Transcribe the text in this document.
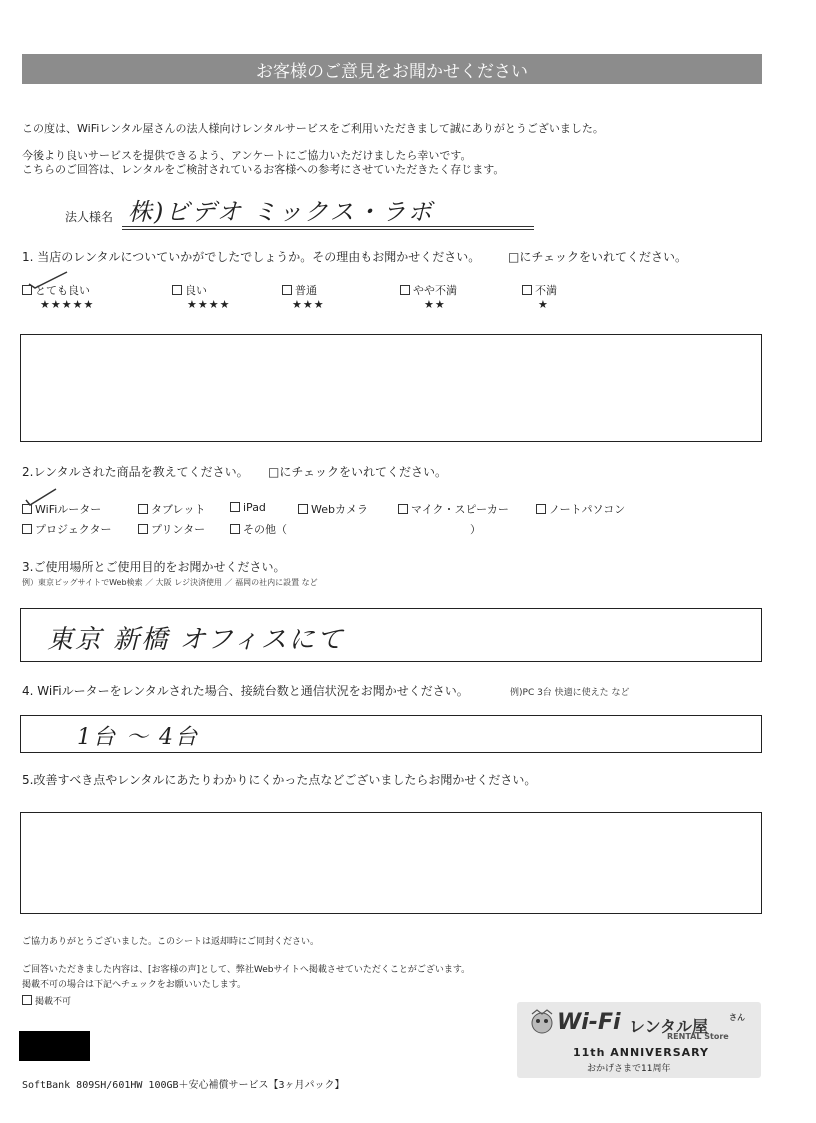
お客様のご意見をお聞かせください
この度は、WiFiレンタル屋さんの法人様向けレンタルサービスをご利用いただきまして誠にありがとうございました。
今後より良いサービスを提供できるよう、アンケートにご協力いただけましたら幸いです。
こちらのご回答は、レンタルをご検討されているお客様への参考にさせていただきたく存じます。
法人様名 株)ビデオ ミックス・ラボ
1. 当店のレンタルについていかがでしたでしょうか。その理由もお聞かせください。 □にチェックをいれてください。
とても良い
★★★★★
良い
★★★★
普通
★★★
やや不満
★★
不満
★
2.レンタルされた商品を教えてください。 □にチェックをいれてください。
WiFiルーター	タブレット	iPad	Webカメラ	マイク・スピーカー	ノートパソコン
プロジェクター	プリンター	その他（	）
3.ご使用場所とご使用目的をお聞かせください。
例）東京ビッグサイトでWeb検索 ／ 大阪 レジ決済使用 ／ 福岡の社内に設置 など
東京 新橋 オフィスにて
4. WiFiルーターをレンタルされた場合、接続台数と通信状況をお聞かせください。	例)PC 3台 快適に使えた など
1台 ～ 4台
5.改善すべき点やレンタルにあたりわかりにくかった点などございましたらお聞かせください。
ご協力ありがとうございました。このシートは返却時にご同封ください。
ご回答いただきました内容は、[お客様の声]として、弊社Webサイトへ掲載させていただくことがございます。
掲載不可の場合は下記へチェックをお願いいたします。
掲載不可
SoftBank 809SH/601HW 100GB＋安心補償サービス【3ヶ月パック】
Wi-Fi レンタル屋	さん
RENTAL Store
11th ANNIVERSARY
おかげさまで11周年
